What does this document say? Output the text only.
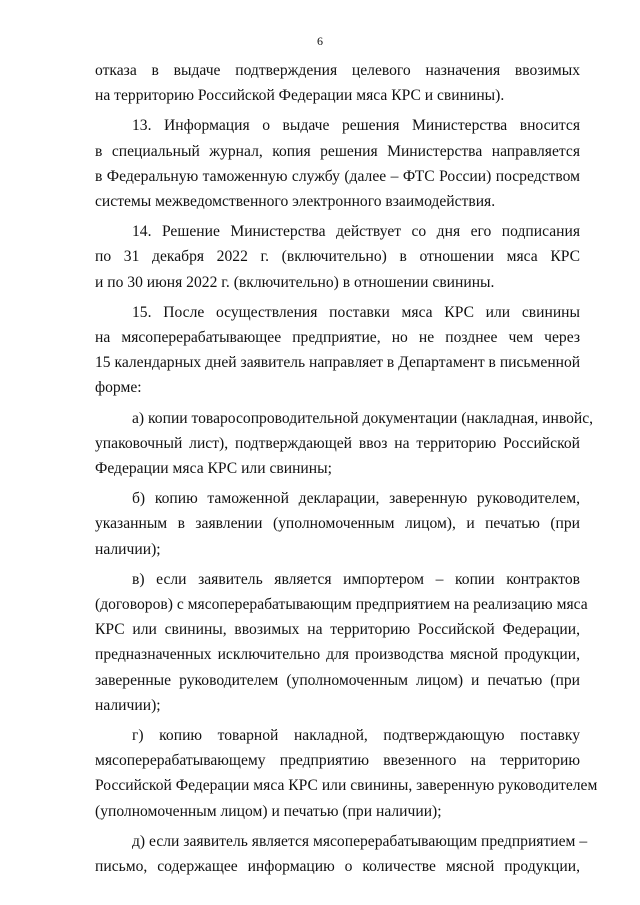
6
отказа в выдаче подтверждения целевого назначения ввозимых
на территорию Российской Федерации мяса КРС и свинины).
13. Информация о выдаче решения Министерства вносится
в специальный журнал, копия решения Министерства направляется
в Федеральную таможенную службу (далее – ФТС России) посредством
системы межведомственного электронного взаимодействия.
14. Решение Министерства действует со дня его подписания
по 31 декабря 2022 г. (включительно) в отношении мяса КРС
и по 30 июня 2022 г. (включительно) в отношении свинины.
15. После осуществления поставки мяса КРС или свинины
на мясоперерабатывающее предприятие, но не позднее чем через
15 календарных дней заявитель направляет в Департамент в письменной
форме:
а) копии товаросопроводительной документации (накладная, инвойс,
упаковочный лист), подтверждающей ввоз на территорию Российской
Федерации мяса КРС или свинины;
б) копию таможенной декларации, заверенную руководителем,
указанным в заявлении (уполномоченным лицом), и печатью (при
наличии);
в) если заявитель является импортером – копии контрактов
(договоров) с мясоперерабатывающим предприятием на реализацию мяса
КРС или свинины, ввозимых на территорию Российской Федерации,
предназначенных исключительно для производства мясной продукции,
заверенные руководителем (уполномоченным лицом) и печатью (при
наличии);
г) копию товарной накладной, подтверждающую поставку
мясоперерабатывающему предприятию ввезенного на территорию
Российской Федерации мяса КРС или свинины, заверенную руководителем
(уполномоченным лицом) и печатью (при наличии);
д) если заявитель является мясоперерабатывающим предприятием –
письмо, содержащее информацию о количестве мясной продукции,
